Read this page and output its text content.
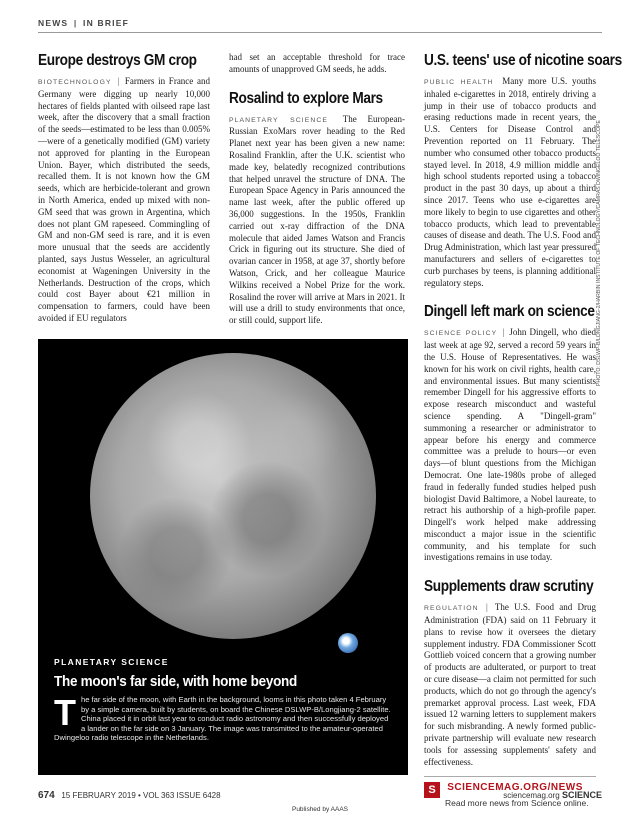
NEWS | IN BRIEF
Europe destroys GM crop

BIOTECHNOLOGY | Farmers in France and Germany were digging up nearly 10,000 hectares of fields planted with oilseed rape last week, after the discovery that a small fraction of the seeds—estimated to be less than 0.005%—were of a genetically modified (GM) variety not approved for planting in the European Union. Bayer, which distributed the seeds, recalled them. It is not known how the GM seeds, which are herbicide-tolerant and grown in North America, ended up mixed with non-GM seed that was grown in Argentina, which does not plant GM rapeseed. Commingling of GM and non-GM seed is rare, and it is even more unusual that the seeds are accidently planted, says Justus Wesseler, an agricultural economist at Wageningen University in the Netherlands. Destruction of the crops, which could cost Bayer about €21 million in compensation to farmers, could have been avoided if EU regulators

had set an acceptable threshold for trace amounts of unapproved GM seeds, he adds.

Rosalind to explore Mars

PLANETARY SCIENCE The European-Russian ExoMars rover heading to the Red Planet next year has been given a new name: Rosalind Franklin, after the U.K. scientist who made key, belatedly recognized contributions that helped unravel the structure of DNA. The European Space Agency in Paris announced the name last week, after the public offered up 36,000 suggestions. In the 1950s, Franklin carried out x-ray diffraction of the DNA molecule that aided James Watson and Francis Crick in figuring out its structure. She died of ovarian cancer in 1958, at age 37, shortly before Watson, Crick, and her colleague Maurice Wilkins received a Nobel Prize for the work. Rosalind the rover will arrive at Mars in 2021. It will use a drill to study environments that once, or still could, support life.

U.S. teens' use of nicotine soars

PUBLIC HEALTH Many more U.S. youths inhaled e-cigarettes in 2018, entirely driving a jump in their use of tobacco products and erasing reductions made in recent years, the U.S. Centers for Disease Control and Prevention reported on 11 February. The number who consumed other tobacco products stayed level. In 2018, 4.9 million middle and high school students reported using a tobacco product in the past 30 days, up about a third since 2017. Teens who use e-cigarettes are more likely to begin to use cigarettes and other tobacco products, which lead to preventable causes of disease and death. The U.S. Food and Drug Administration, which last year pressured manufacturers and sellers of e-cigarettes to curb purchases by teens, is planning additional regulatory steps.

Dingell left mark on science

SCIENCE POLICY | John Dingell, who died last week at age 92, served a record 59 years in the U.S. House of Representatives. He was known for his work on civil rights, health care, and environmental issues. But many scientists remember Dingell for his aggressive efforts to expose research misconduct and wasteful science spending. A "Dingell-gram" summoning a researcher or administrator to appear before his energy and commerce committee was a prelude to hours—or even days—of blunt questions from the Michigan Democrat. One late-1980s probe of alleged fraud in federally funded studies helped push biologist David Baltimore, a Nobel laureate, to retract his authorship of a high-profile paper. Dingell's work helped make addressing misconduct a major issue in the scientific community, and his template for such investigations remains in use today.

Supplements draw scrutiny

REGULATION | The U.S. Food and Drug Administration (FDA) said on 11 February it plans to revise how it oversees the dietary supplement industry. FDA Commissioner Scott Gottlieb voiced concern that a growing number of products are adulterated, or purport to treat or cure disease—a claim not permitted for such products, which do not go through the agency's premarket approval process. Last week, FDA issued 12 warning letters to supplement makers for such misbranding. A newly formed public-private partnership will evaluate new research tools for assessing supplements' safety and effectiveness.

S SCIENCEMAG.ORG/NEWS
Read more news from Science online.
PLANETARY SCIENCE
The moon's far side, with home beyond
T he far side of the moon, with Earth in the background, looms in this photo taken 4 February by a simple camera, built by students, on board the Chinese DSLWP-B/Longjiang-2 satellite. China placed it in orbit last year to conduct radio astronomy and then successfully deployed a lander on the far side on 3 January. The image was transmitted to the amateur-operated Dwingeloo radio telescope in the Netherlands.
PHOTO: DSLWP-B/LONGJIANG-2/HARBIN INSTITUTE OF TECHNOLOGY/CAMRAS DWINGELOO TELESCOPE
674 15 FEBRUARY 2019 • VOL 363 ISSUE 6428	sciencemag.org SCIENCE
Published by AAAS
